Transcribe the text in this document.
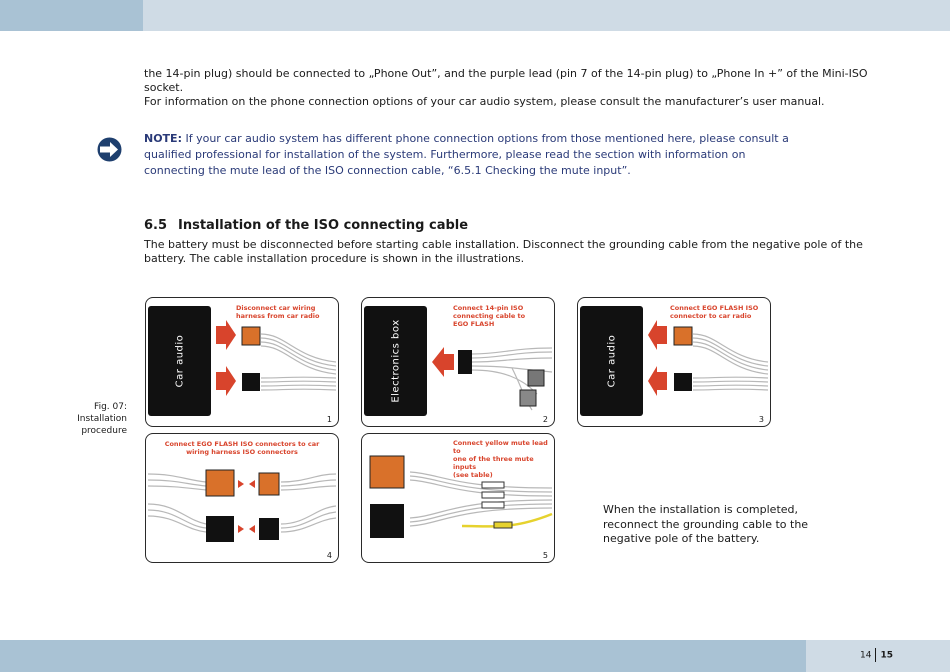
the 14-pin plug) should be connected to „Phone Out”, and the purple lead (pin 7 of the 14-pin plug) to „Phone In +” of the Mini-ISO
socket.
For information on the phone connection options of your car audio system, please consult the manufacturer’s user manual.
NOTE: If your car audio system has different phone connection options from those mentioned here, please consult a qualified professional for installation of the system. Furthermore, please read the section with information on connecting the mute lead of the ISO connection cable, “6.5.1 Checking the mute input”.
6.5 Installation of the ISO connecting cable
The battery must be disconnected before starting cable installation. Disconnect the grounding cable from the negative pole of the
battery. The cable installation procedure is shown in the illustrations.
Fig. 07:
Installation
procedure
Car audio
Disconnect car wiring
harness from car radio
1
Electronics box
Connect 14-pin ISO
connecting cable to
EGO FLASH
2
Car audio
Connect EGO FLASH ISO
connector to car radio
3
Connect EGO FLASH ISO connectors to car
wiring harness ISO connectors
4
Connect yellow mute lead to
one of the three mute inputs
(see table)
5
When the installation is completed,
reconnect the grounding cable to the
negative pole of the battery.
14 15
